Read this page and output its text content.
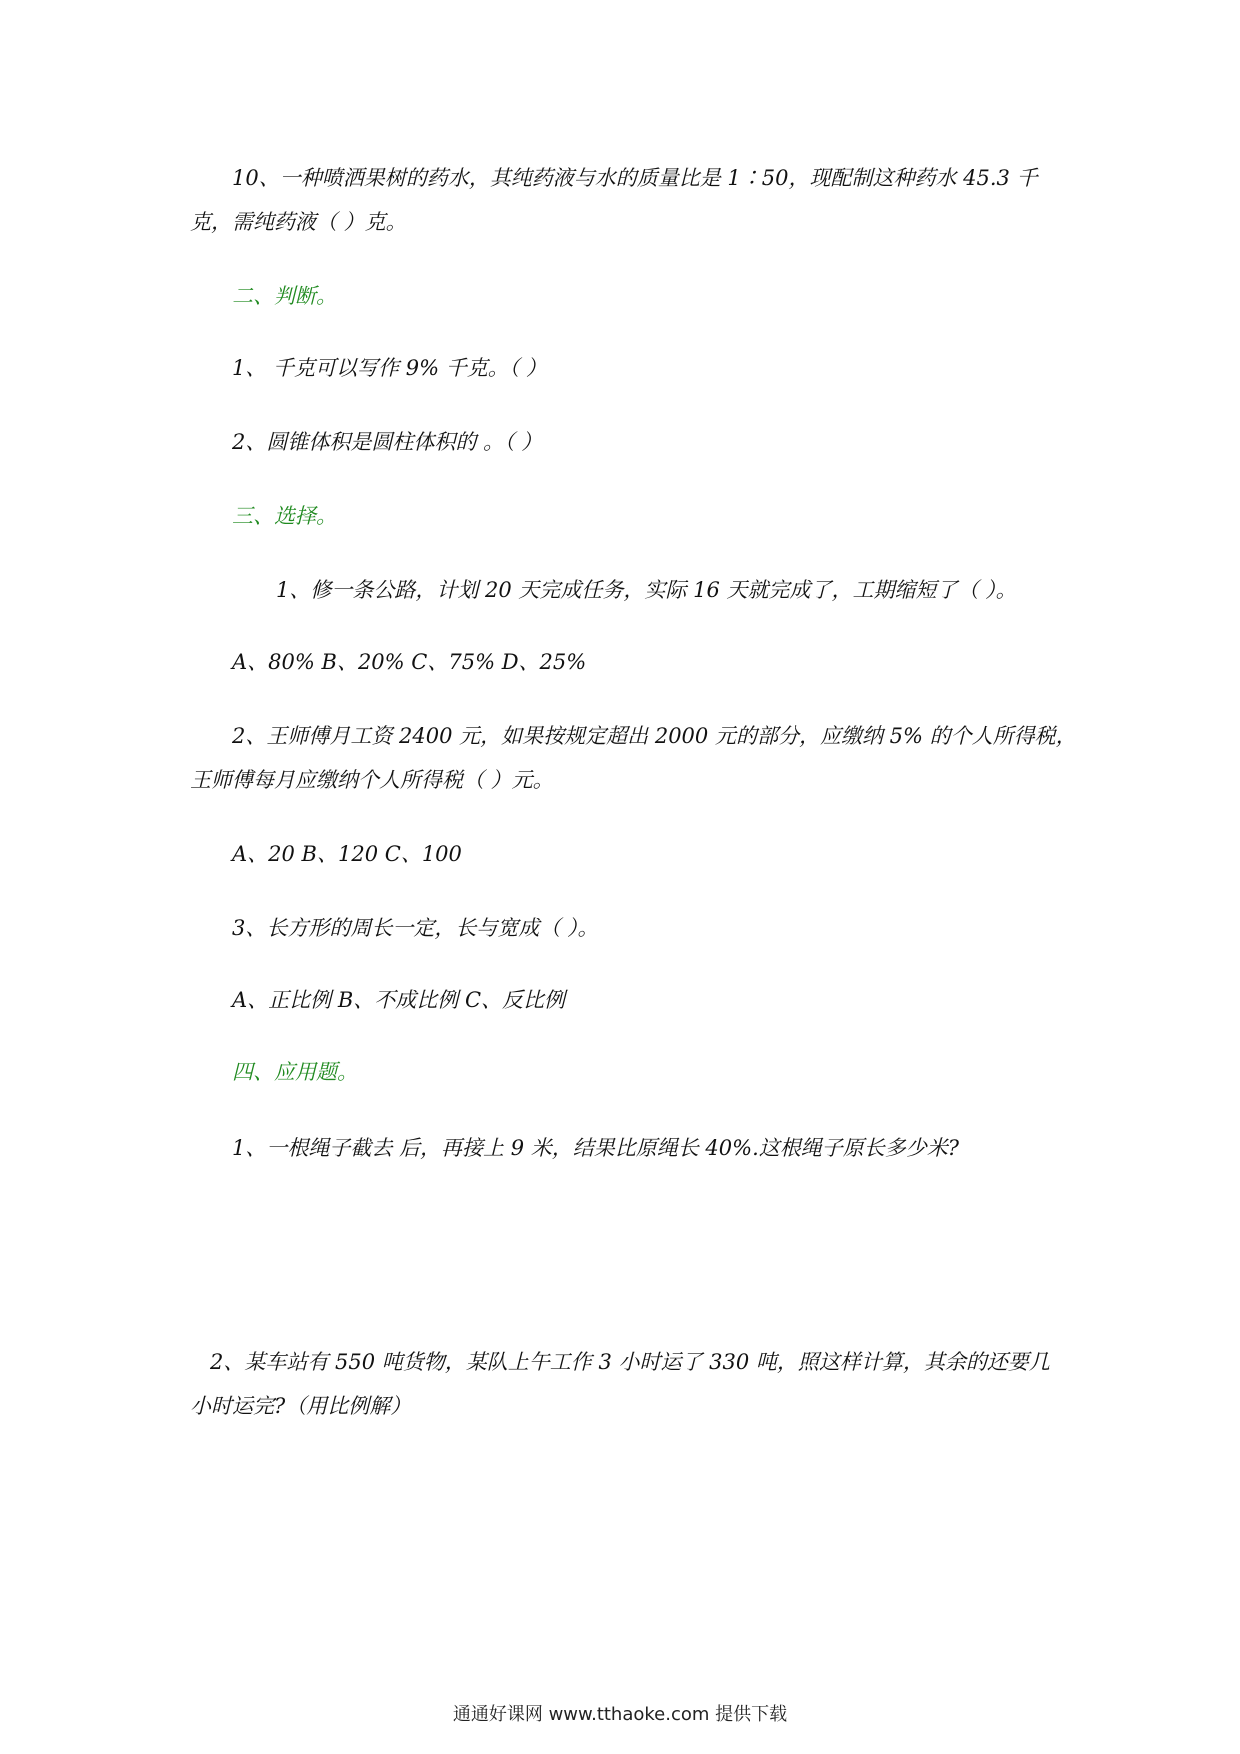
10、一种喷洒果树的药水，其纯药液与水的质量比是 1∶50，现配制这种药水 45.3 千
克，需纯药液（ ）克。
二、判断。
1、 千克可以写作 9% 千克。（ ）
2、圆锥体积是圆柱体积的 。（ ）
三、选择。
1、修一条公路，计划 20 天完成任务，实际 16 天就完成了，工期缩短了（ ）。
A、80% B、20% C、75% D、25%
2、王师傅月工资 2400 元，如果按规定超出 2000 元的部分，应缴纳 5% 的个人所得税，
王师傅每月应缴纳个人所得税（ ）元。
A、20 B、120 C、100
3、长方形的周长一定，长与宽成（ ）。
A、正比例 B、不成比例 C、反比例
四、应用题。
1、一根绳子截去 后，再接上 9 米，结果比原绳长 40%.这根绳子原长多少米?
2、某车站有 550 吨货物，某队上午工作 3 小时运了 330 吨，照这样计算，其余的还要几
小时运完?（用比例解）
通通好课网 www.tthaoke.com 提供下载
